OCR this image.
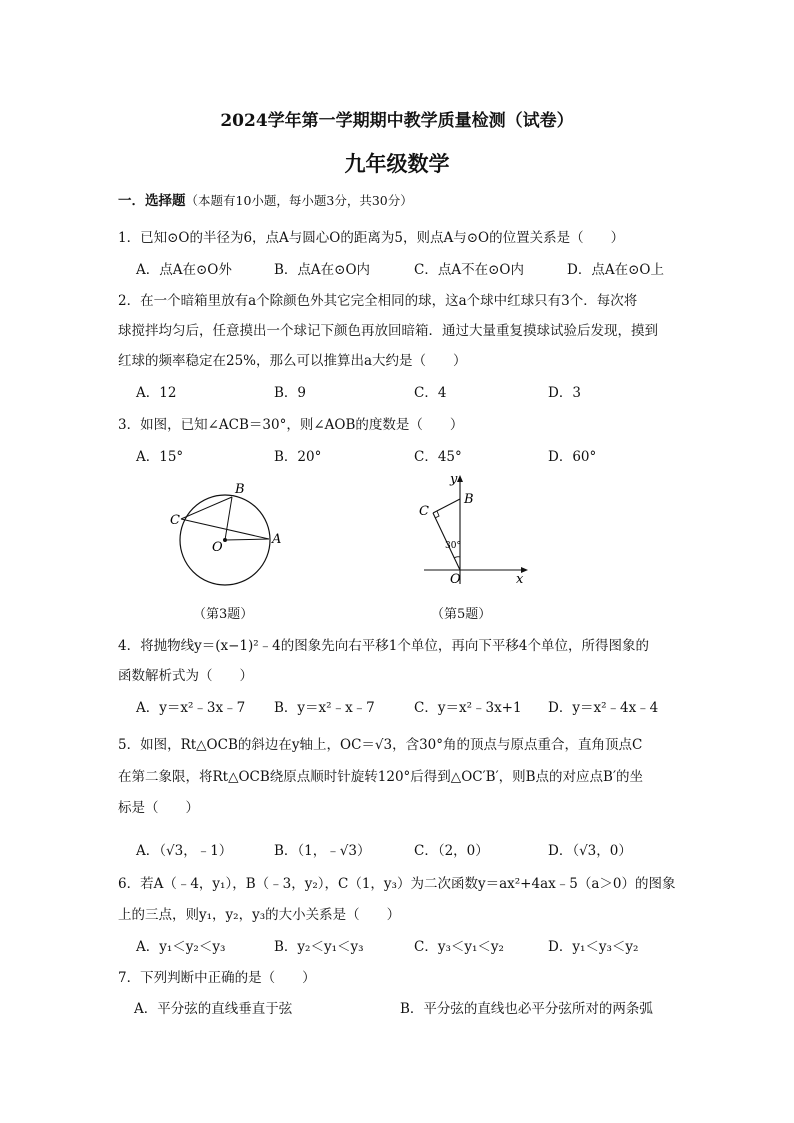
2024学年第一学期期中教学质量检测（试卷）
九年级数学
一．选择题（本题有10小题，每小题3分，共30分）
1．已知⊙O的半径为6，点A与圆心O的距离为5，则点A与⊙O的位置关系是（　　）
A．点A在⊙O外	B．点A在⊙O内	C．点A不在⊙O内	D．点A在⊙O上
2．在一个暗箱里放有a个除颜色外其它完全相同的球，这a个球中红球只有3个．每次将
球搅拌均匀后，任意摸出一个球记下颜色再放回暗箱．通过大量重复摸球试验后发现，摸到
红球的频率稳定在25%，那么可以推算出a大约是（　　）
A．12	B．9	C．4	D．3
3．如图，已知∠ACB＝30°，则∠AOB的度数是（　　）
A．15°	B．20°	C．45°	D．60°
B
C
O
A
（第3题）
C
B
y
30°
O	x
（第5题）
4．将抛物线y＝(x−1)²﹣4的图象先向右平移1个单位，再向下平移4个单位，所得图象的
函数解析式为（　　）
A．y＝x²﹣3x﹣7 B．y＝x²﹣x﹣7	C．y＝x²﹣3x+1 D．y＝x²﹣4x﹣4
5．如图，Rt△OCB的斜边在y轴上，OC＝√3，含30°角的顶点与原点重合，直角顶点C
在第二象限，将Rt△OCB绕原点顺时针旋转120°后得到△OC′B′，则B点的对应点B′的坐
标是（　　）
A．（√3，﹣1）	B．（1，﹣√3）	C．（2，0）	D．（√3，0）
6．若A（﹣4，y₁），B（﹣3，y₂），C（1，y₃）为二次函数y＝ax²+4ax﹣5（a＞0）的图象
上的三点，则y₁，y₂，y₃的大小关系是（　　）
A．y₁＜y₂＜y₃	B．y₂＜y₁＜y₃	C．y₃＜y₁＜y₂	D．y₁＜y₃＜y₂
7．下列判断中正确的是（　　）
A．平分弦的直线垂直于弦	B．平分弦的直线也必平分弦所对的两条弧
